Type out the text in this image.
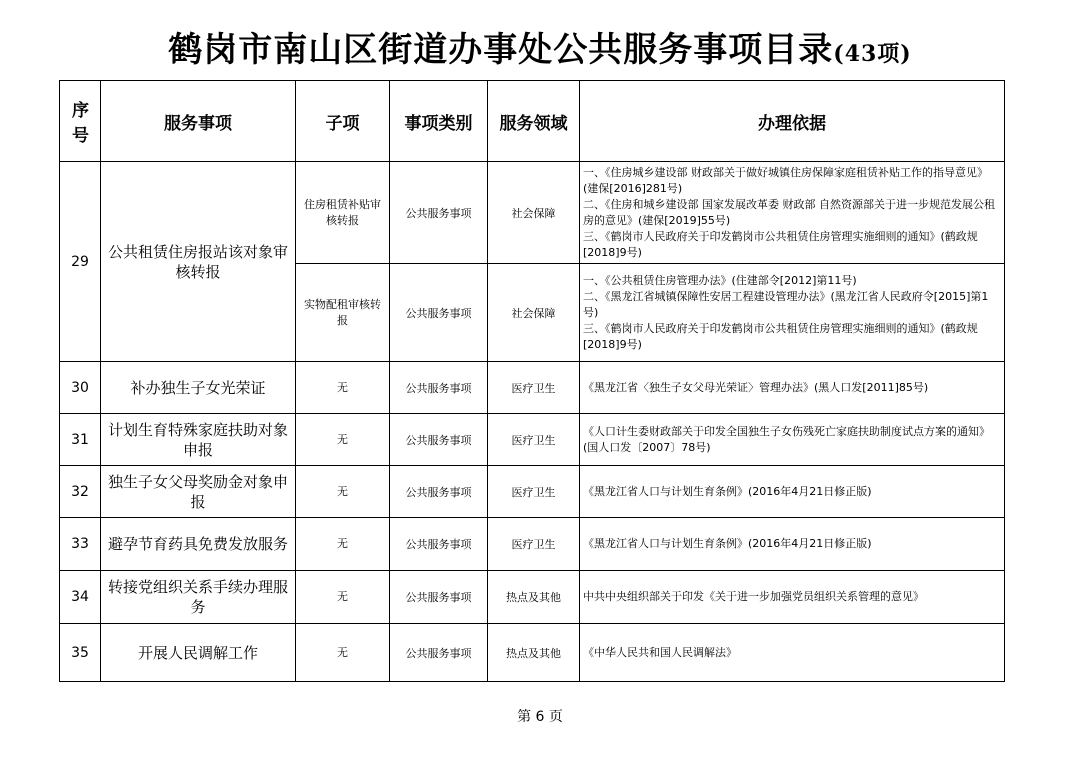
鹤岗市南山区街道办事处公共服务事项目录(43项)
序号	服务事项	子项	事项类别	服务领域	办理依据
29	公共租赁住房报站该对象审核转报	住房租赁补贴审核转报	公共服务事项	社会保障	一、《住房城乡建设部 财政部关于做好城镇住房保障家庭租赁补贴工作的指导意见》(建保[2016]281号)
二、《住房和城乡建设部 国家发展改革委 财政部 自然资源部关于进一步规范发展公租房的意见》(建保[2019]55号)
三、《鹤岗市人民政府关于印发鹤岗市公共租赁住房管理实施细则的通知》(鹤政规[2018]9号)

		实物配租审核转报	公共服务事项	社会保障	一、《公共租赁住房管理办法》(住建部令[2012]第11号)
二、《黑龙江省城镇保障性安居工程建设管理办法》(黑龙江省人民政府令[2015]第1号)
三、《鹤岗市人民政府关于印发鹤岗市公共租赁住房管理实施细则的通知》(鹤政规[2018]9号)

30	补办独生子女光荣证	无	公共服务事项	医疗卫生	《黑龙江省〈独生子女父母光荣证〉管理办法》(黑人口发[2011]85号)
31	计划生育特殊家庭扶助对象申报	无	公共服务事项	医疗卫生	《人口计生委财政部关于印发全国独生子女伤残死亡家庭扶助制度试点方案的通知》(国人口发〔2007〕78号)
32	独生子女父母奖励金对象申报	无	公共服务事项	医疗卫生	《黑龙江省人口与计划生育条例》(2016年4月21日修正版)
33	避孕节育药具免费发放服务	无	公共服务事项	医疗卫生	《黑龙江省人口与计划生育条例》(2016年4月21日修正版)
34	转接党组织关系手续办理服务	无	公共服务事项	热点及其他	中共中央组织部关于印发《关于进一步加强党员组织关系管理的意见》
35	开展人民调解工作	无	公共服务事项	热点及其他	《中华人民共和国人民调解法》
第 6 页
